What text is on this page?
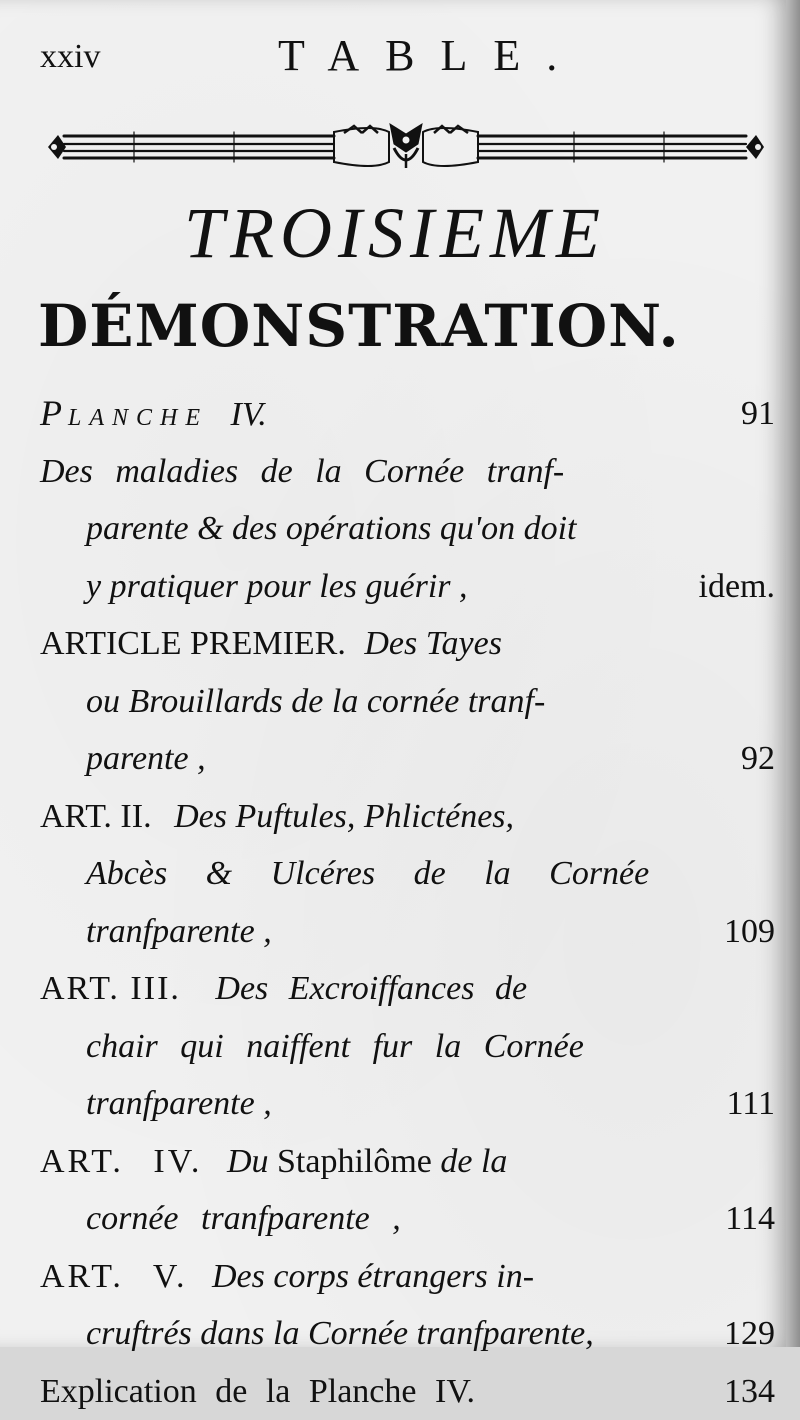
xxiv	TABLE.
TROISIEME
DÉMONSTRATION.
PLANCHE IV.	91
Des maladies de la Cornée tranf-
parente & des opérations qu'on doit
y pratiquer pour les guérir ,	idem.
ARTICLE PREMIER. Des Tayes
ou Brouillards de la cornée tranf-
parente ,	92
ART. II. Des Puftules, Phlicténes,
Abcès & Ulcéres de la Cornée
tranfparente ,	109
ART. III. Des Excroiffances de
chair qui naiffent fur la Cornée
tranfparente ,	111
ART. IV. Du Staphilôme de la
cornée tranfparente ,	114
ART. V. Des corps étrangers in-
cruftrés dans la Cornée tranfparente,	129
Explication de la Planche IV.	134
